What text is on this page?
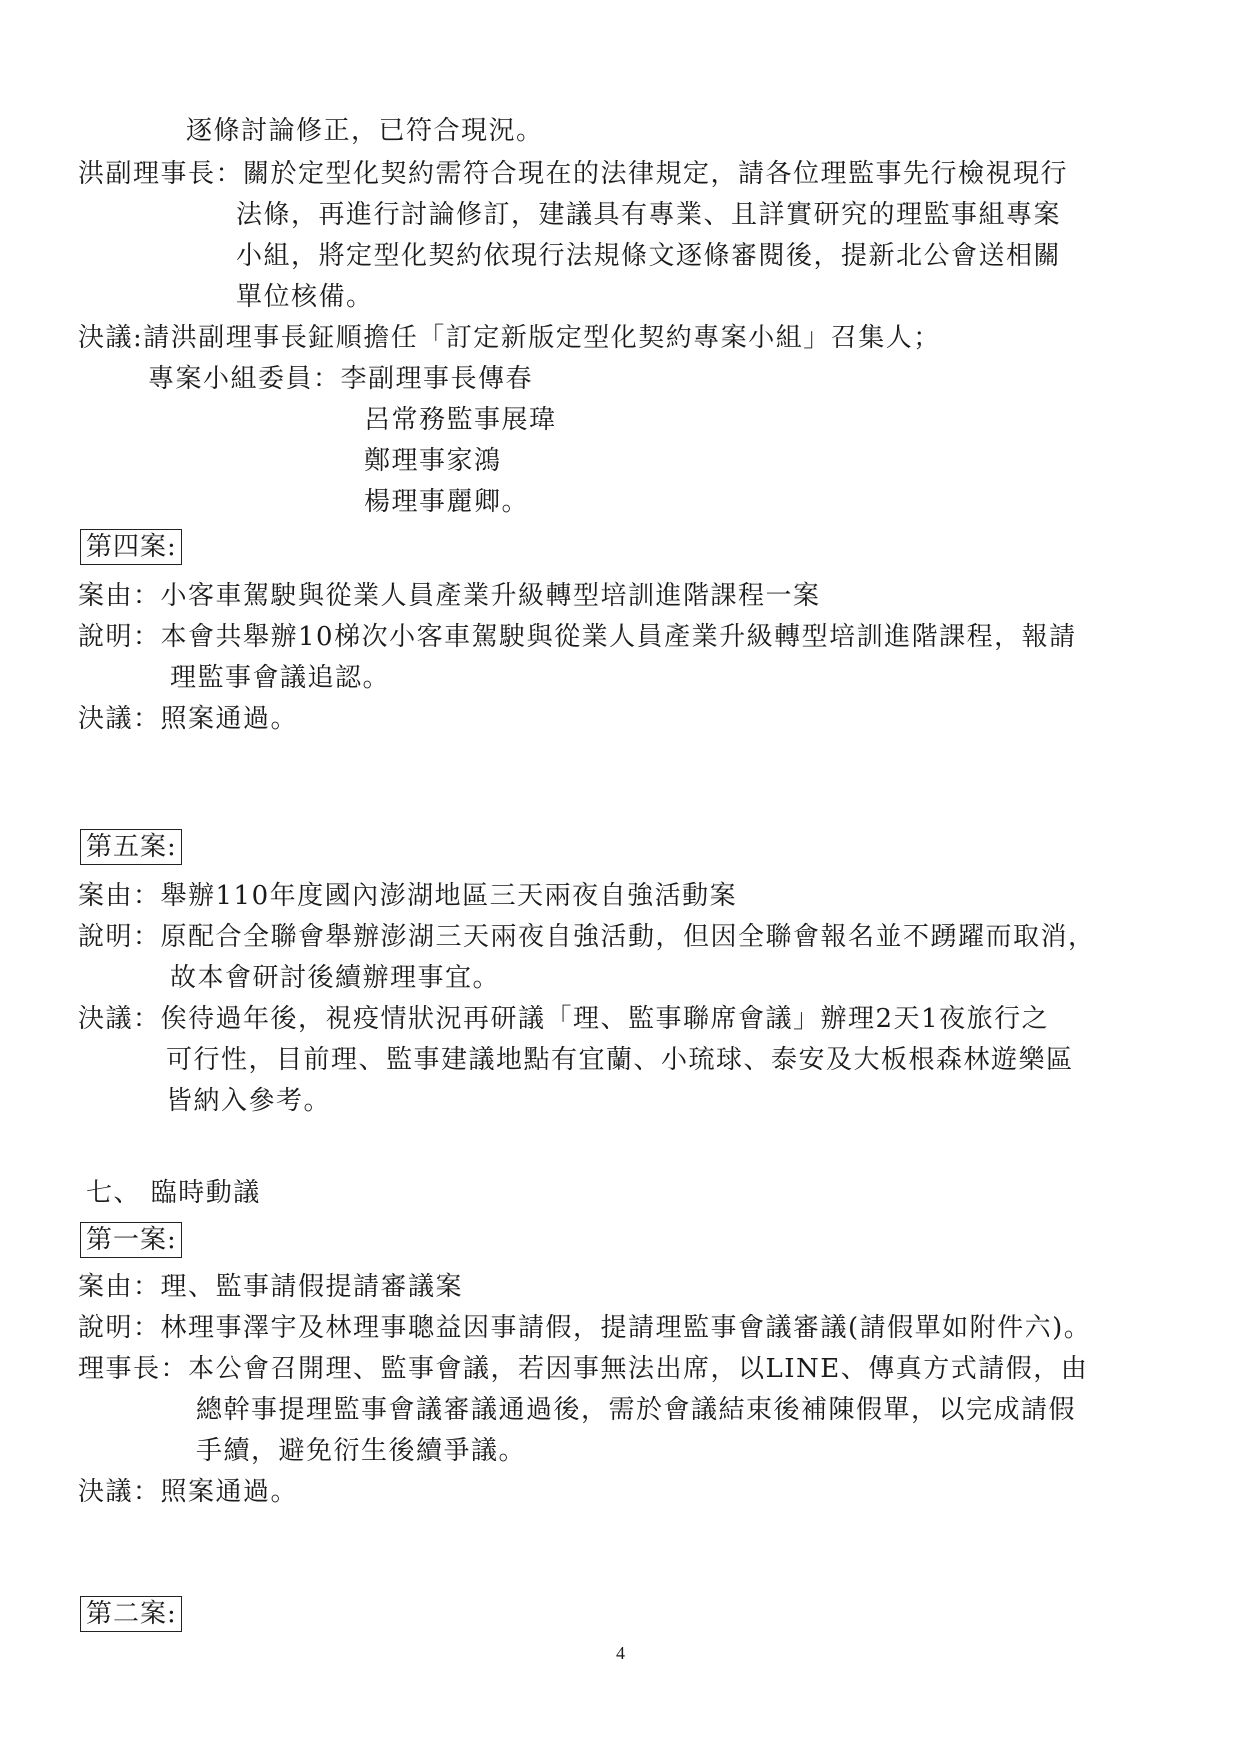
逐條討論修正，已符合現況。
洪副理事長：關於定型化契約需符合現在的法律規定，請各位理監事先行檢視現行
法條，再進行討論修訂，建議具有專業、且詳實研究的理監事組專案
小組，將定型化契約依現行法規條文逐條審閱後，提新北公會送相關
單位核備。
決議:請洪副理事長鉦順擔任「訂定新版定型化契約專案小組」召集人；
專案小組委員：李副理事長傳春
呂常務監事展瑋
鄭理事家鴻
楊理事麗卿。
第四案:
案由：小客車駕駛與從業人員產業升級轉型培訓進階課程一案
說明：本會共舉辦10梯次小客車駕駛與從業人員產業升級轉型培訓進階課程，報請
理監事會議追認。
決議：照案通過。
第五案:
案由：舉辦110年度國內澎湖地區三天兩夜自強活動案
說明：原配合全聯會舉辦澎湖三天兩夜自強活動，但因全聯會報名並不踴躍而取消，
故本會研討後續辦理事宜。
決議：俟待過年後，視疫情狀況再研議「理、監事聯席會議」辦理2天1夜旅行之
可行性，目前理、監事建議地點有宜蘭、小琉球、泰安及大板根森林遊樂區
皆納入參考。
七、 臨時動議
第一案:
案由：理、監事請假提請審議案
說明：林理事澤宇及林理事聰益因事請假，提請理監事會議審議(請假單如附件六)。
理事長：本公會召開理、監事會議，若因事無法出席，以LINE、傳真方式請假，由
總幹事提理監事會議審議通過後，需於會議結束後補陳假單，以完成請假
手續，避免衍生後續爭議。
決議：照案通過。
第二案:
4
